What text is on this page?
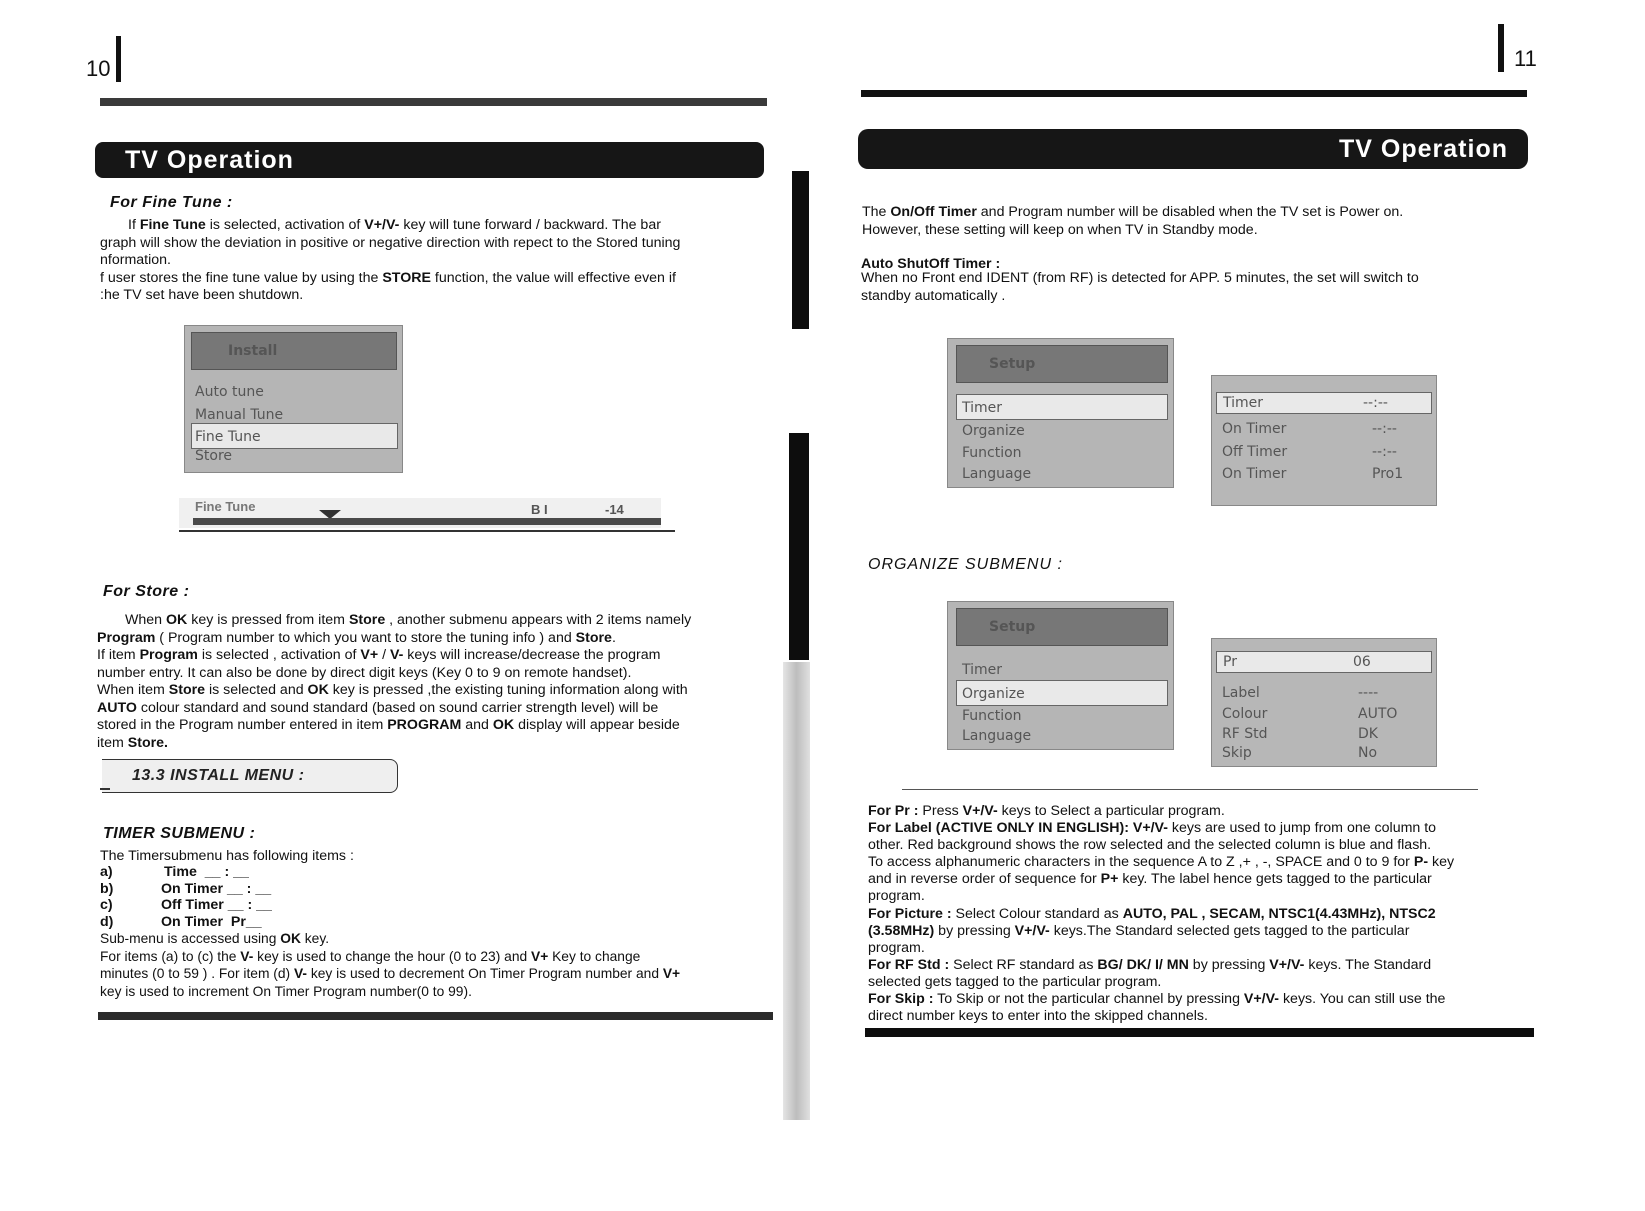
10
TV Operation
For Fine Tune :
If Fine Tune is selected, activation of V+/V- key will tune forward / backward. The bar
graph will show the deviation in positive or negative direction with repect to the Stored tuning
nformation.
f user stores the fine tune value by using the STORE function, the value will effective even if
:he TV set have been shutdown.
Install
Auto tune
Manual Tune
Fine Tune
Store
Fine Tune	B I	-14
For Store :
When OK key is pressed from item Store , another submenu appears with 2 items namely
Program ( Program number to which you want to store the tuning info ) and Store.
If item Program is selected , activation of V+ / V- keys will increase/decrease the program
number entry. It can also be done by direct digit keys (Key 0 to 9 on remote handset).
When item Store is selected and OK key is pressed ,the existing tuning information along with
AUTO colour standard and sound standard (based on sound carrier strength level) will be
stored in the Program number entered in item PROGRAM and OK display will appear beside
item Store.
13.3 INSTALL MENU :
TIMER SUBMENU :
The Timersubmenu has following items :
a)	Time  __ : __
b)	On Timer __ : __
c)	Off Timer __ : __
d)	On Timer  Pr__
Sub-menu is accessed using OK key.
For items (a) to (c) the V- key is used to change the hour (0 to 23) and V+ Key to change
minutes (0 to 59 ) . For item (d) V- key is used to decrement On Timer Program number and V+
key is used to increment On Timer Program number(0 to 99).
11
TV Operation
The On/Off Timer and Program number will be disabled when the TV set is Power on.
However, these setting will keep on when TV in Standby mode.
Auto ShutOff Timer :
When no Front end IDENT (from RF) is detected for APP. 5 minutes, the set will switch to
standby automatically .
Setup
Timer
Organize
Function
Language
Timer	--:--
On Timer	--:--
Off Timer	--:--
On Timer	Pro1
ORGANIZE SUBMENU :
Setup
Timer
Organize
Function
Language
Pr	06
Label	----
Colour	AUTO
RF Std	DK
Skip	No
For Pr : Press V+/V- keys to Select a particular program.
For Label (ACTIVE ONLY IN ENGLISH): V+/V- keys are used to jump from one column to
other. Red background shows the row selected and the selected column is blue and flash.
To access alphanumeric characters in the sequence A to Z ,+ , -, SPACE and 0 to 9 for P- key
and in reverse order of sequence for P+ key. The label hence gets tagged to the particular
program.
For Picture : Select Colour standard as AUTO, PAL , SECAM, NTSC1(4.43MHz), NTSC2
(3.58MHz) by pressing V+/V- keys.The Standard selected gets tagged to the particular
program.
For RF Std : Select RF standard as BG/ DK/ I/ MN by pressing V+/V- keys. The Standard
selected gets tagged to the particular program.
For Skip : To Skip or not the particular channel by pressing V+/V- keys. You can still use the
direct number keys to enter into the skipped channels.
